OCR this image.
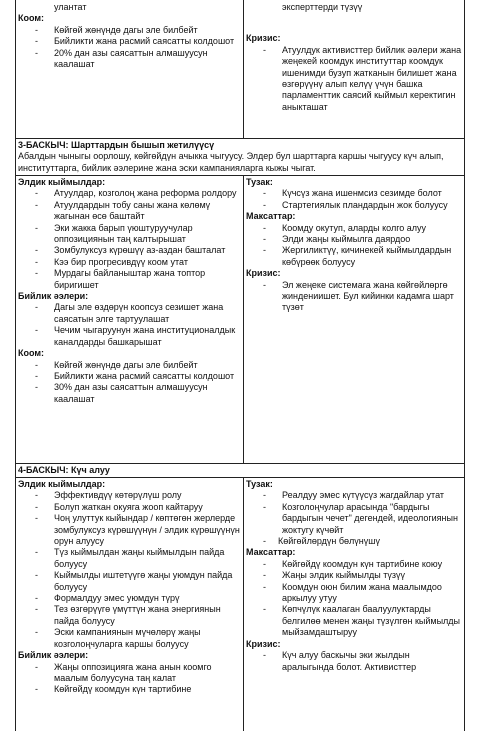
улантат

Коом:

- Көйгөй жөнүндө дагы эле билбейт
- Бийликти жана расмий саясатты колдошот
- 20% дан азы саясаттын алмашуусун каалашат

эксперттерди түзүү

Кризис:

- Атуулдук активисттер бийлик әәлери жана жеңекей коомдук институттар коомдук ишенимди бузуп жатканын билишет жана өзгөрүүнү алып келүү үчүн башка парламенттик саясий кыймыл керектигин аныкташат

3-БАСКЫЧ: Шарттардын бышып жетилүүсү

Абалдын чыныгы оорлошу, көйгөйдүн ачыкка чыгуусу. Элдер бул шарттарга каршы чыгуусу күч алып, институттарга, бийлик әэлерине жана эски кампанияларга кыжы чыгат.

Элдик кыймылдар:

- Атуулдар, козголоң жана реформа ролдору
- Атуулдардын тобу саны жана көлөмү жагынан өсө баштайт
- Эки жакка барып үюштуруучулар оппозициянын таң калтырышат
- Зомбулуксуз күрөшүү аз-аздан башталат
- Кээ бир прогресивдүү коом утат
- Мурдагы байланыштар жана топтор биригишет

Бийлик әэлери:

- Дагы эле өздөрүн коопсуз сезишет жана саясатын элге тартуулашат
- Чечим чыгаруунун жана институционалдык каналдарды башкарышат

Коом:

- Көйгөй жөнүндө дагы эле билбейт
- Бийликти жана расмий саясатты колдошот
- 30% дан азы саясаттын алмашуусун каалашат

Тузак:

- Күчсүз жана ишенмсиз сезимде болот
- Стартегиялык пландардын жок болуусу

Максаттар:

- Коомду окутуп, аларды колго алуу
- Элди жаңы кыймылга даярдоо
- Жергиликтүү, кичинекей кыймылдардын көбүрөөк болуусу

Кризис:

- Эл жеңеке системага жана көйгөйлөргө жиндениишет. Бул кийинки кадамга шарт түзөт

4-БАСКЫЧ: Күч алуу

Элдик кыймылдар:

- Эффективдүү көтөрүлүш ролу
- Болуп жаткан окуяга жооп кайтаруу
- Чоң улуттук кыйындар / көптөгөн жерлерде зомбулуксуз күрөшүүнүн / элдик күрөшүүнүн орун алуусу
- Түз кыймылдан жаңы кыймылдын пайда болуусу
- Кыймылды иштетүүгө жаңы уюмдун пайда болуусу
- Формалдуу эмес уюмдун түрү
- Тез өзгөрүүгө үмүттүн жана энергиянын пайда болуусу
- Эски кампаниянын мүчөлөрү жаңы козголоңчуларга каршы болуусу

Бийлик әэлери:

- Жаңы оппозицияга жана анын коомго маалым болуусуна таң калат
- Көйгөйдү коомдун күн тартибине

Тузак:

- Реалдуу эмес күтүүсүз жагдайлар утат
- Козголоңчулар арасында "бардыгы бардыгын чечет" дегендей, идеологиянын жоктугу күчөйт
- Көйгөйлөрдүн бөлүнүшү

Максаттар:

- Көйгөйдү коомдун күн тартибине коюу
- Жаңы элдик кыймылды түзүү
- Коомдун оюн билим жана маалымдоо аркылуу утуу
- Көпчүлүк каалаган баалуулуктарды белгилөө менен жаңы түзүлгөн кыймылды мыйзамдаштыруу

Кризис:

- Күч алуу баскычы эки жылдын аралыгында болот. Активисттер
